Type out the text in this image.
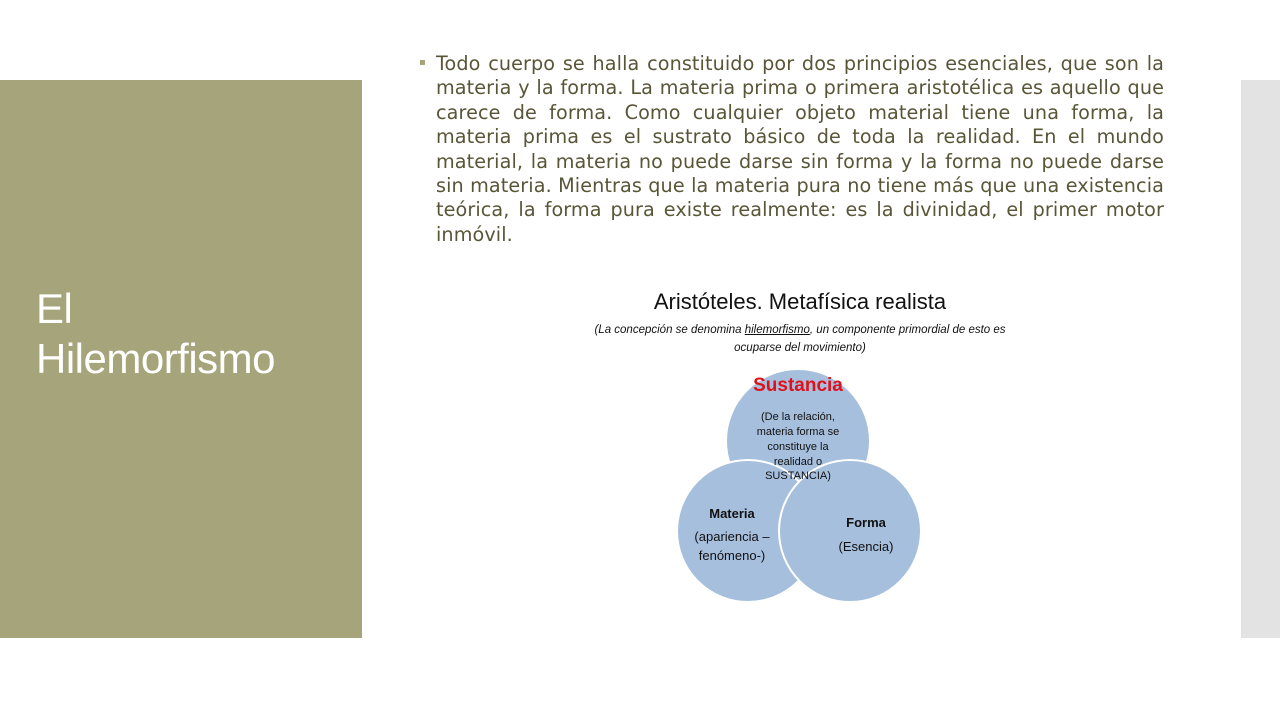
El
Hilemorfismo
▪ Todo cuerpo se halla constituido por dos principios esenciales, que son la materia y la forma. La materia prima o primera aristotélica es aquello que carece de forma. Como cualquier objeto material tiene una forma, la materia prima es el sustrato básico de toda la realidad. En el mundo material, la materia no puede darse sin forma y la forma no puede darse sin materia. Mientras que la materia pura no tiene más que una existencia teórica, la forma pura existe realmente: es la divinidad, el primer motor inmóvil.

Aristóteles. Metafísica realista
(La concepción se denomina hilemorfismo, un componente primordial de esto es ocuparse del movimiento)
Sustancia
(De la relación,
materia forma se
constituye la
realidad o
SUSTANCIA)
Materia
(apariencia –
fenómeno-)
Forma
(Esencia)
